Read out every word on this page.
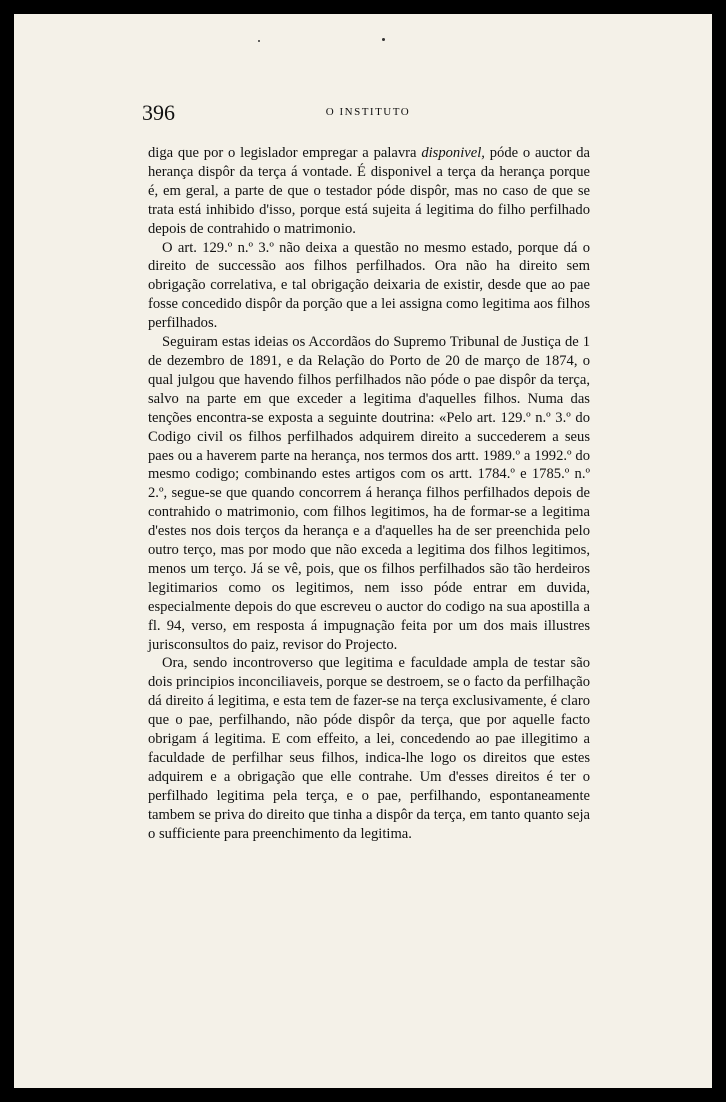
396	O INSTITUTO

diga que por o legislador empregar a palavra disponivel, póde o auctor da herança dispôr da terça á vontade. É disponivel a terça da herança porque é, em geral, a parte de que o testador póde dispôr, mas no caso de que se trata está inhibido d'isso, porque está sujeita á legitima do filho perfilhado depois de contrahido o matrimonio.

O art. 129.º n.º 3.º não deixa a questão no mesmo estado, porque dá o direito de successão aos filhos perfilhados. Ora não ha direito sem obrigação correlativa, e tal obrigação deixaria de existir, desde que ao pae fosse concedido dispôr da porção que a lei assigna como legitima aos filhos perfilhados.

Seguiram estas ideias os Accordãos do Supremo Tribunal de Justiça de 1 de dezembro de 1891, e da Relação do Porto de 20 de março de 1874, o qual julgou que havendo filhos perfilhados não póde o pae dispôr da terça, salvo na parte em que exceder a legitima d'aquelles filhos. Numa das tenções encontra-se exposta a seguinte doutrina: «Pelo art. 129.º n.º 3.º do Codigo civil os filhos perfilhados adquirem direito a succederem a seus paes ou a haverem parte na herança, nos termos dos artt. 1989.º a 1992.º do mesmo codigo; combinando estes artigos com os artt. 1784.º e 1785.º n.º 2.º, segue-se que quando concorrem á herança filhos perfilhados depois de contrahido o matrimonio, com filhos legitimos, ha de formar-se a legitima d'estes nos dois terços da herança e a d'aquelles ha de ser preenchida pelo outro terço, mas por modo que não exceda a legitima dos filhos legitimos, menos um terço. Já se vê, pois, que os filhos perfilhados são tão herdeiros legitimarios como os legitimos, nem isso póde entrar em duvida, especialmente depois do que escreveu o auctor do codigo na sua apostilla a fl. 94, verso, em resposta á impugnação feita por um dos mais illustres jurisconsultos do paiz, revisor do Projecto.

Ora, sendo incontroverso que legitima e faculdade ampla de testar são dois principios inconciliaveis, porque se destroem, se o facto da perfilhação dá direito á legitima, e esta tem de fazer-se na terça exclusivamente, é claro que o pae, perfilhando, não póde dispôr da terça, que por aquelle facto obrigam á legitima. E com effeito, a lei, concedendo ao pae illegitimo a faculdade de perfilhar seus filhos, indica-lhe logo os direitos que estes adquirem e a obrigação que elle contrahe. Um d'esses direitos é ter o perfilhado legitima pela terça, e o pae, perfilhando, espontaneamente tambem se priva do direito que tinha a dispôr da terça, em tanto quanto seja o sufficiente para preenchimento da legitima.
